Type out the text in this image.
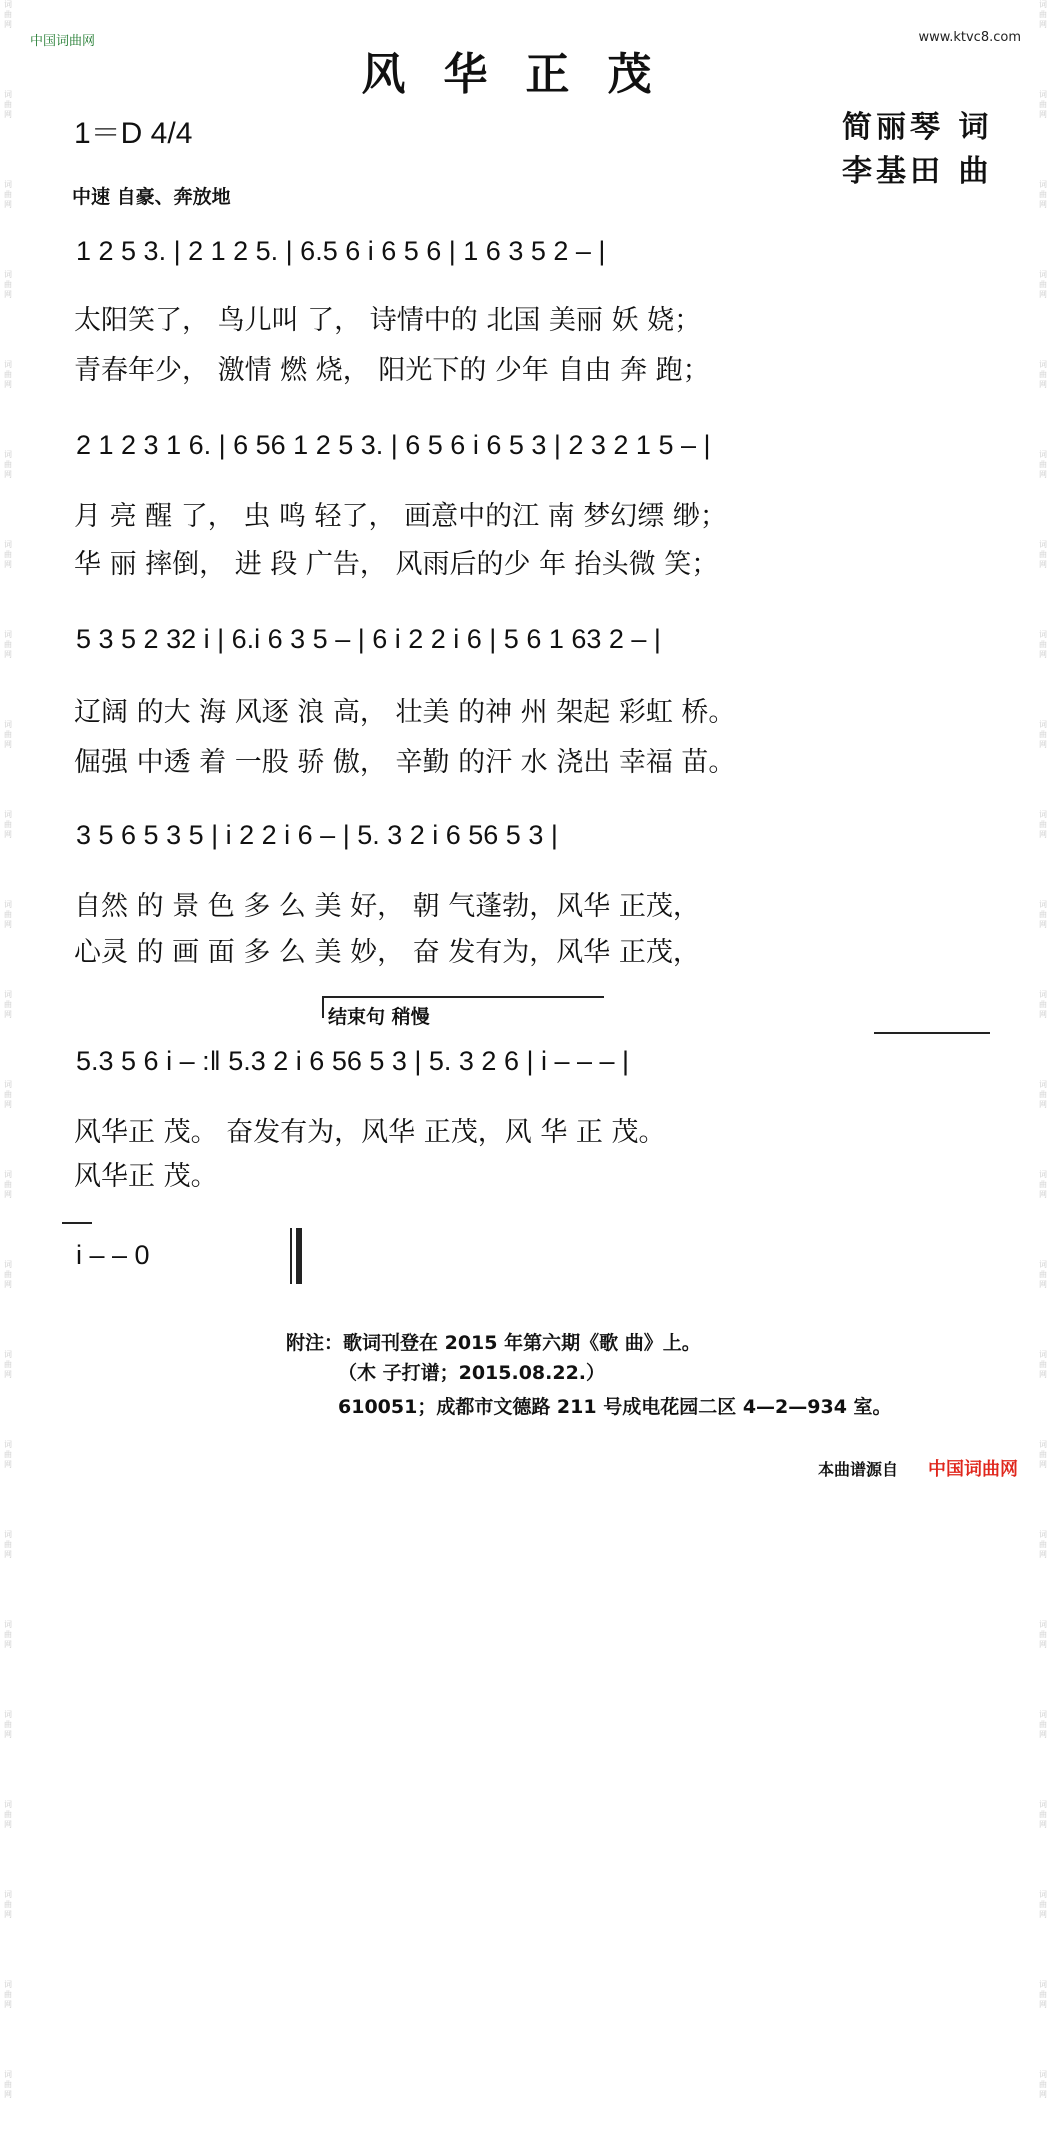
词
曲
网
词
曲
网
词
曲
网
词
曲
网
词
曲
网
词
曲
网
词
曲
网
词
曲
网
词
曲
网
词
曲
网
词
曲
网
词
曲
网
词
曲
网
词
曲
网
词
曲
网
词
曲
网
词
曲
网
词
曲
网
词
曲
网
词
曲
网
词
曲
网
词
曲
网
词
曲
网
词
曲
网
词
曲
网
词
曲
网
词
曲
网
词
曲
网
词
曲
网
词
曲
网
词
曲
网
词
曲
网
词
曲
网
词
曲
网
词
曲
网
词
曲
网
词
曲
网
词
曲
网
词
曲
网
词
曲
网
词
曲
网
词
曲
网
词
曲
网
词
曲
网
词
曲
网
词
曲
网
词
曲
网
词
曲
网
中国词曲网	www.ktvc8.com
风华正茂
1＝D 4/4	简丽琴 词
李基田 曲
中速 自豪、奔放地
1 2 5 3. | 2 1 2 5. | 6.5 6 i 6 5 6 | 1 6 3 5 2 – |
太阳笑了， 鸟儿叫 了， 诗情中的 北国 美丽 妖 娆；
青春年少， 激情 燃 烧， 阳光下的 少年 自由 奔 跑；
2 1 2 3 1 6. | 6 56 1 2 5 3. | 6 5 6 i 6 5 3 | 2 3 2 1 5 – |
月 亮 醒 了， 虫 鸣 轻了， 画意中的江 南 梦幻缥 缈；
华 丽 摔倒， 进 段 广告， 风雨后的少 年 抬头微 笑；
5 3 5 2 32 i | 6.i 6 3 5 – | 6 i 2 2 i 6 | 5 6 1 63 2 – |
辽阔 的大 海 风逐 浪 高， 壮美 的神 州 架起 彩虹 桥。
倔强 中透 着 一股 骄 傲， 辛勤 的汗 水 浇出 幸福 苗。
3 5 6 5 3 5 | i 2 2 i 6 – | 5. 3 2 i 6 56 5 3 |
自然 的 景 色 多 么 美 好， 朝 气蓬勃，风华 正茂，
心灵 的 画 面 多 么 美 妙， 奋 发有为，风华 正茂，
结束句 稍慢
5.3 5 6 i – :‖ 5.3 2 i 6 56 5 3 | 5. 3 2 6 | i – – – |
风华正 茂。 奋发有为，风华 正茂，风 华 正 茂。
风华正 茂。
i – – 0
附注：歌词刊登在 2015 年第六期《歌 曲》上。
（木 子打谱；2015.08.22.）
610051；成都市文德路 211 号成电花园二区 4—2—934 室。
本曲谱源自 中国词曲网
